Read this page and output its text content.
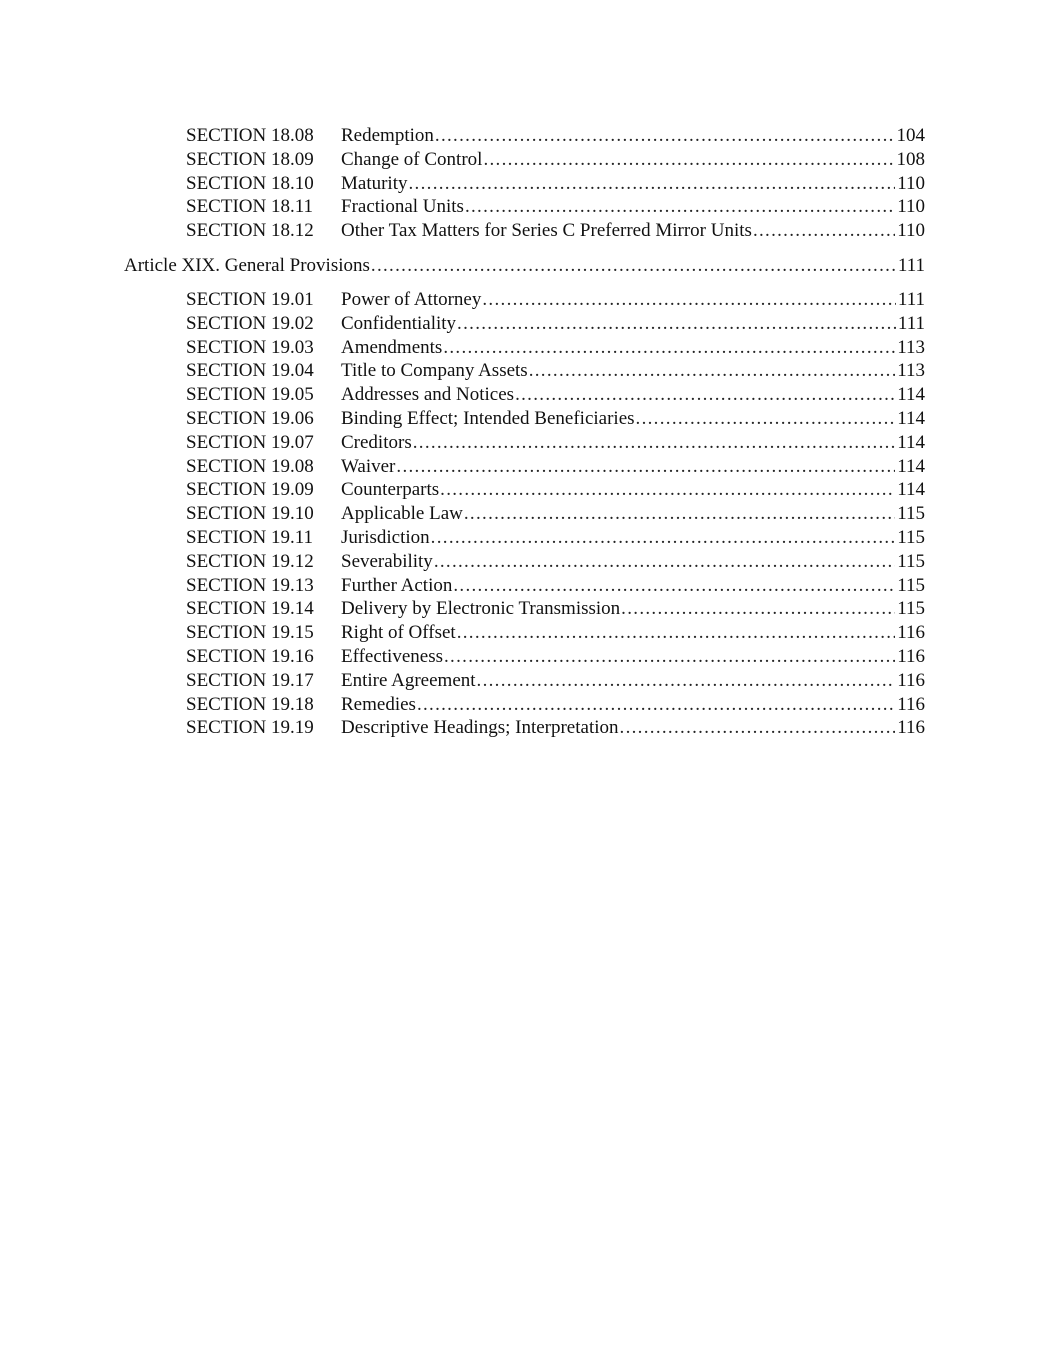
SECTION 18.08 Redemption .....	104
SECTION 18.09 Change of Control .....	108
SECTION 18.10 Maturity .....	110
SECTION 18.11 Fractional Units .....	110
SECTION 18.12 Other Tax Matters for Series C Preferred Mirror Units .....	110
Article XIX. General Provisions .....	111
SECTION 19.01 Power of Attorney .....	111
SECTION 19.02 Confidentiality .....	111
SECTION 19.03 Amendments .....	113
SECTION 19.04 Title to Company Assets .....	113
SECTION 19.05 Addresses and Notices .....	114
SECTION 19.06 Binding Effect; Intended Beneficiaries .....	114
SECTION 19.07 Creditors .....	114
SECTION 19.08 Waiver .....	114
SECTION 19.09 Counterparts .....	114
SECTION 19.10 Applicable Law .....	115
SECTION 19.11 Jurisdiction .....	115
SECTION 19.12 Severability .....	115
SECTION 19.13 Further Action .....	115
SECTION 19.14 Delivery by Electronic Transmission .....	115
SECTION 19.15 Right of Offset .....	116
SECTION 19.16 Effectiveness .....	116
SECTION 19.17 Entire Agreement .....	116
SECTION 19.18 Remedies .....	116
SECTION 19.19 Descriptive Headings; Interpretation .....	116
